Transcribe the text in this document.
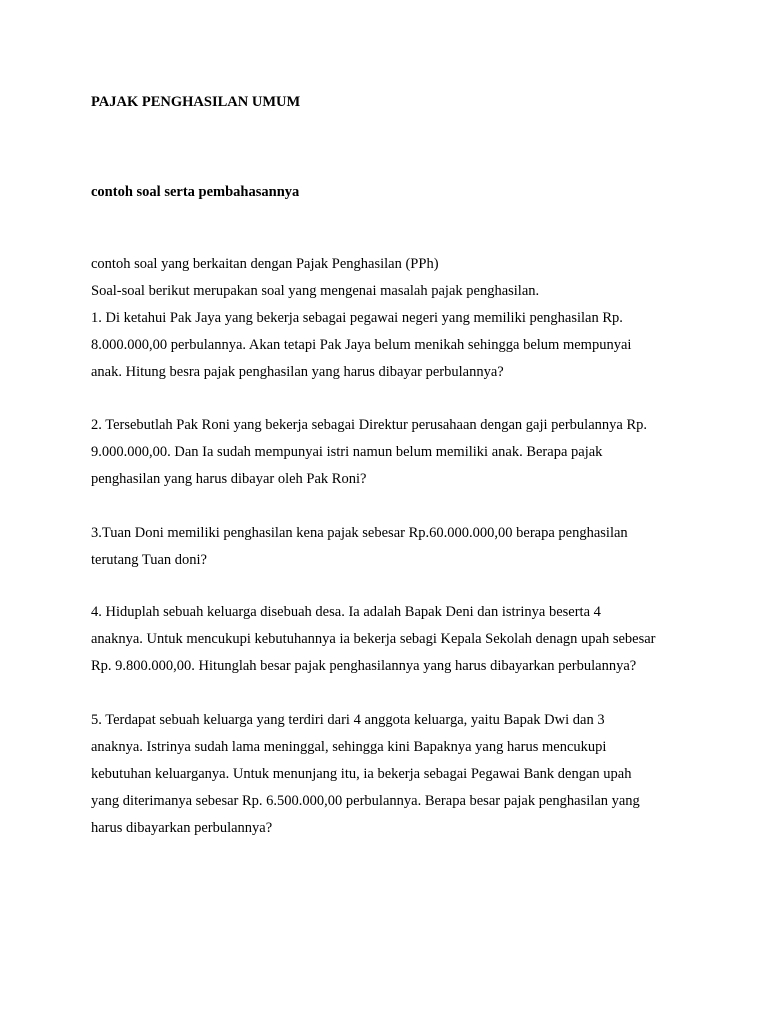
PAJAK PENGHASILAN UMUM

contoh soal serta pembahasannya

contoh soal yang berkaitan dengan Pajak Penghasilan (PPh)

Soal-soal berikut merupakan soal yang mengenai masalah pajak penghasilan.

1. Di ketahui Pak Jaya yang bekerja sebagai pegawai negeri yang memiliki penghasilan Rp.

8.000.000,00 perbulannya. Akan tetapi Pak Jaya belum menikah sehingga belum mempunyai

anak. Hitung besra pajak penghasilan yang harus dibayar perbulannya?

2. Tersebutlah Pak Roni yang bekerja sebagai Direktur perusahaan dengan gaji perbulannya Rp.

9.000.000,00. Dan Ia sudah mempunyai istri namun belum memiliki anak. Berapa pajak

penghasilan yang harus dibayar oleh Pak Roni?

3.Tuan Doni memiliki penghasilan kena pajak sebesar Rp.60.000.000,00 berapa penghasilan

terutang Tuan doni?

4. Hiduplah sebuah keluarga disebuah desa. Ia adalah Bapak Deni dan istrinya beserta 4

anaknya. Untuk mencukupi kebutuhannya ia bekerja sebagi Kepala Sekolah denagn upah sebesar

Rp. 9.800.000,00. Hitunglah besar pajak penghasilannya yang harus dibayarkan perbulannya?

5. Terdapat sebuah keluarga yang terdiri dari 4 anggota keluarga, yaitu Bapak Dwi dan 3

anaknya. Istrinya sudah lama meninggal, sehingga kini Bapaknya yang harus mencukupi

kebutuhan keluarganya. Untuk menunjang itu, ia bekerja sebagai Pegawai Bank dengan upah

yang diterimanya sebesar Rp. 6.500.000,00 perbulannya. Berapa besar pajak penghasilan yang

harus dibayarkan perbulannya?
